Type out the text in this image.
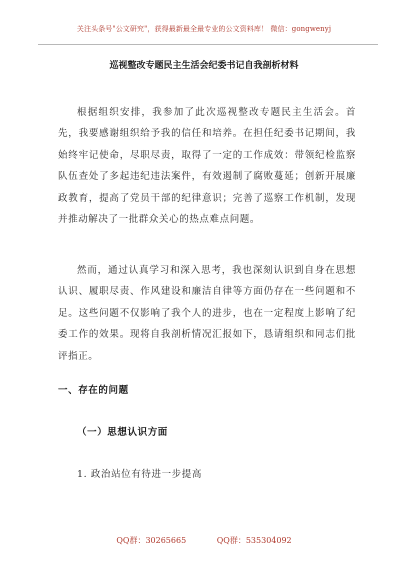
关注头条号"公文研究"，获得最新最全最专业的公文资料库！ 微信：gongwenyj
巡视整改专题民主生活会纪委书记自我剖析材料
根据组织安排，我参加了此次巡视整改专题民主生活会。首先，我要感谢组织给予我的信任和培养。在担任纪委书记期间，我始终牢记使命，尽职尽责，取得了一定的工作成效：带领纪检监察队伍查处了多起违纪违法案件，有效遏制了腐败蔓延；创新开展廉政教育，提高了党员干部的纪律意识；完善了巡察工作机制，发现并推动解决了一批群众关心的热点难点问题。
然而，通过认真学习和深入思考，我也深刻认识到自身在思想认识、履职尽责、作风建设和廉洁自律等方面仍存在一些问题和不足。这些问题不仅影响了我个人的进步，也在一定程度上影响了纪委工作的效果。现将自我剖析情况汇报如下，恳请组织和同志们批评指正。
一、存在的问题
（一）思想认识方面
1. 政治站位有待进一步提高
QQ群：30265665	QQ群：535304092
